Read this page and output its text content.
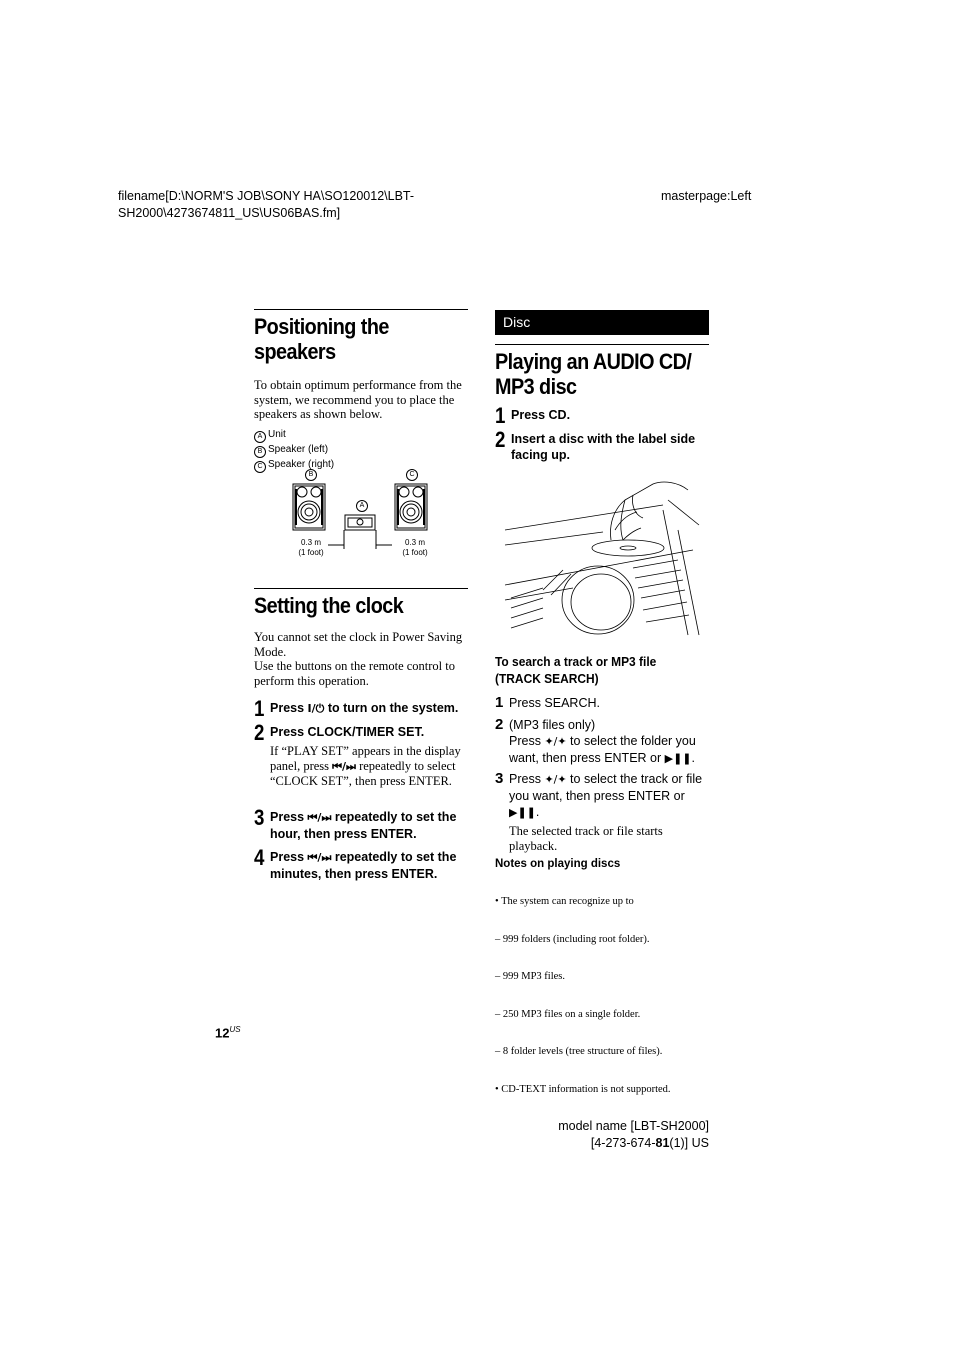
filename[D:\NORM'S JOB\SONY HA\SO120012\LBT-
SH2000\4273674811_US\US06BAS.fm]
masterpage:Left
Positioning the
speakers
To obtain optimum performance from the system, we recommend you to place the speakers as shown below.
A Unit
B Speaker (left)
C Speaker (right)
B
A
C
0.3 m
(1 foot)
0.3 m
(1 foot)
Setting the clock
You cannot set the clock in Power Saving Mode.
Use the buttons on the remote control to perform this operation.
1 Press I/⏻ to turn on the system.
2 Press CLOCK/TIMER SET.
If “PLAY SET” appears in the display panel, press ⏮/⏭ repeatedly to select “CLOCK SET”, then press ENTER.
3 Press ⏮/⏭ repeatedly to set the hour, then press ENTER.
4 Press ⏮/⏭ repeatedly to set the minutes, then press ENTER.
Disc
Playing an AUDIO CD/
MP3 disc
1 Press CD.
2 Insert a disc with the label side facing up.
To search a track or MP3 file
(TRACK SEARCH)
1 Press SEARCH.
2 (MP3 files only)
Press ✦/✦ to select the folder you want, then press ENTER or ▶❚❚.
3 Press ✦/✦ to select the track or file you want, then press ENTER or ▶❚❚.
The selected track or file starts playback.
Notes on playing discs

• The system can recognize up to

– 999 folders (including root folder).

– 999 MP3 files.

– 250 MP3 files on a single folder.

– 8 folder levels (tree structure of files).

• CD-TEXT information is not supported.

$12^{US}$
model name [LBT-SH2000]
[4-273-674-81(1)] US
